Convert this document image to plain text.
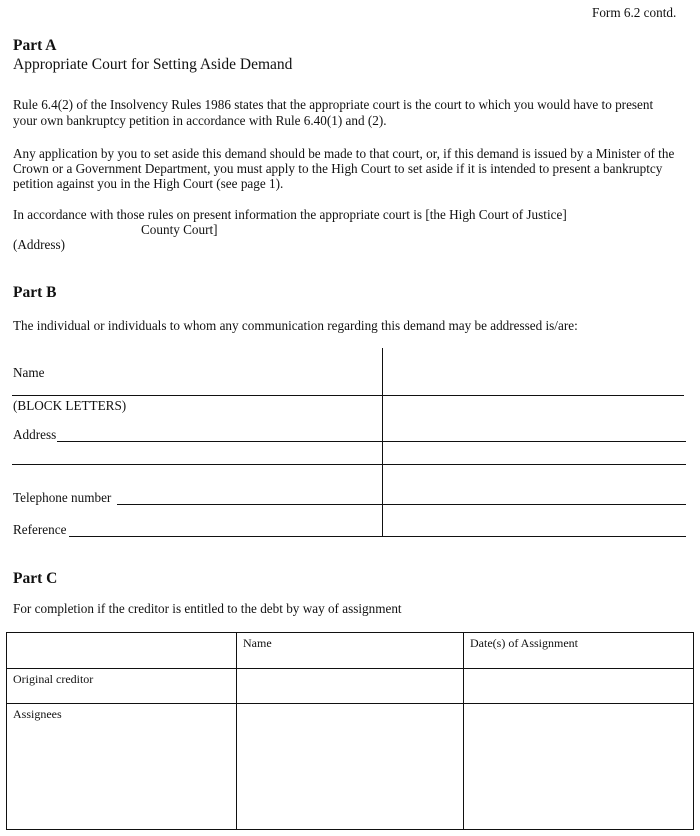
Form 6.2 contd.
Part A
Appropriate Court for Setting Aside Demand
Rule 6.4(2) of the Insolvency Rules 1986 states that the appropriate court is the court to which you would have to present
your own bankruptcy petition in accordance with Rule 6.40(1) and (2).
Any application by you to set aside this demand should be made to that court, or, if this demand is issued by a Minister of the
Crown or a Government Department, you must apply to the High Court to set aside if it is intended to present a bankruptcy
petition against you in the High Court (see page 1).
In accordance with those rules on present information the appropriate court is [the High Court of Justice]
County Court]
(Address)
Part B
The individual or individuals to whom any communication regarding this demand may be addressed is/are:
Name
(BLOCK LETTERS)
Address
Telephone number
Reference
Part C
For completion if the creditor is entitled to the debt by way of assignment
Name	Date(s) of Assignment
Original creditor
Assignees
